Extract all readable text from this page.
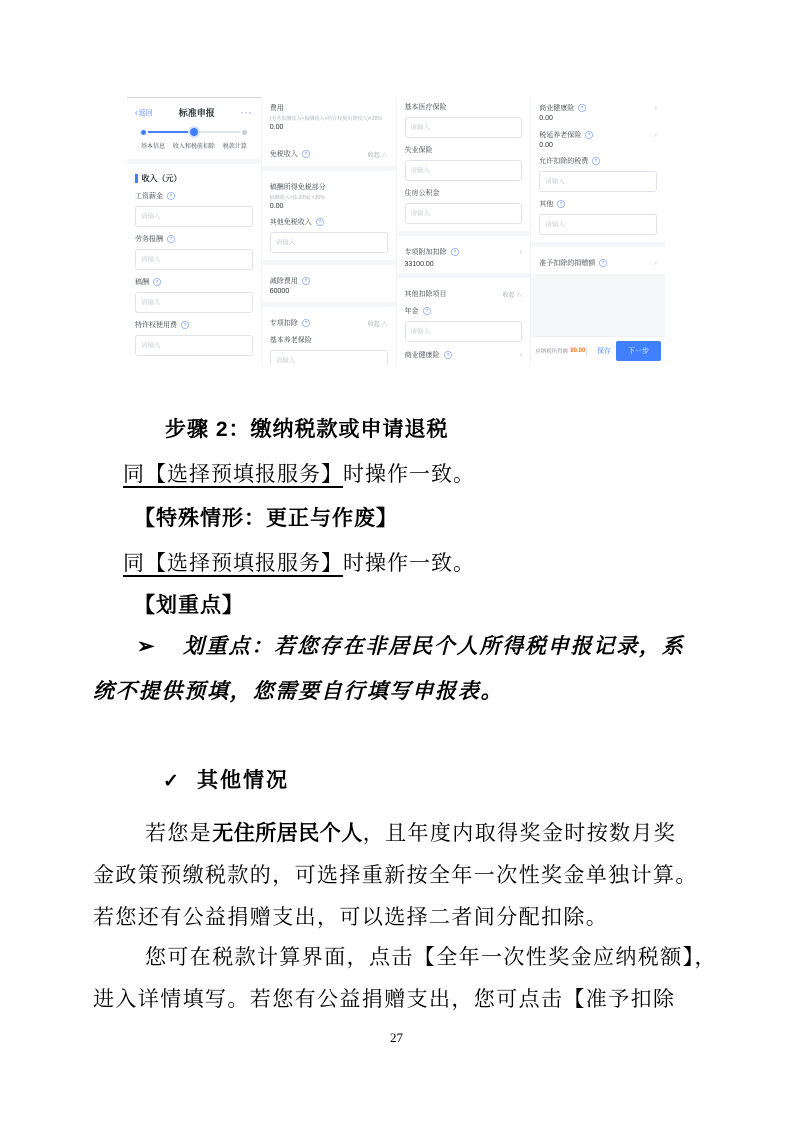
‹返回	标准申报	···
基本信息 收入和税前扣除 税款计算
收入（元）
工资薪金	?
请输入
劳务报酬	?
请输入
稿酬	?
请输入
特许权使用费	?
请输入
费用
(劳务报酬收入+稿酬收入+特许权使用费收入)×20%
0.00
免税收入	?	收起 ∧
稿酬所得免税部分
稿酬收入×(1-20%) ×30%
0.00
其他免税收入	?
请输入
减除费用	?
60000
专项扣除	?	收起 ∧
基本养老保险
请输入
基本医疗保险
请输入
失业保险
请输入
住房公积金
请输入
专项附加扣除	?	›
33100.00
其他扣除项目	收起 ∧
年金	?
请输入
商业健康险	?	›
商业健康险	?	›
0.00
税延养老保险	?	›
0.00
允许扣除的税费	?
请输入
其他	?
请输入
准予扣除的捐赠额	?	›
应纳税所得额 ¥0.00 保存	下一步
步骤 2：缴纳税款或申请退税
同【选择预填报服务】时操作一致。
【特殊情形：更正与作废】
同【选择预填报服务】时操作一致。
【划重点】
➢ 划重点：若您存在非居民个人所得税申报记录，系
统不提供预填，您需要自行填写申报表。
✓ 其他情况
若您是无住所居民个人，且年度内取得奖金时按数月奖
金政策预缴税款的，可选择重新按全年一次性奖金单独计算。
若您还有公益捐赠支出，可以选择二者间分配扣除。
您可在税款计算界面，点击【全年一次性奖金应纳税额】，
进入详情填写。若您有公益捐赠支出，您可点击【准予扣除
27
